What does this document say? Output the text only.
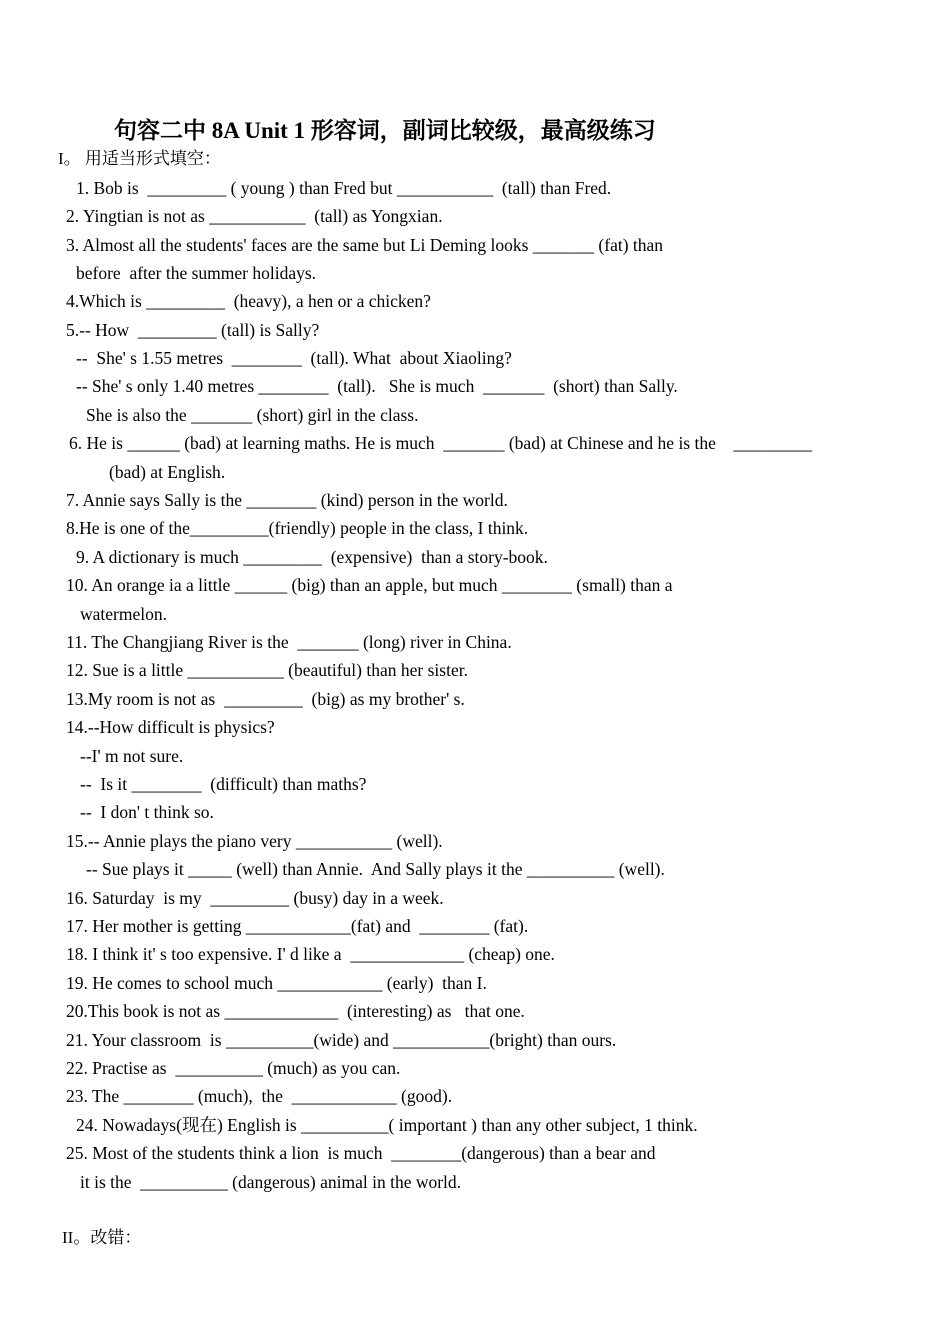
句容二中 8A Unit 1 形容词，副词比较级，最高级练习
I。 用适当形式填空：

1. Bob is  _________ ( young ) than Fred but ___________  (tall) than Fred.

2. Yingtian is not as ___________  (tall) as Yongxian.

3. Almost all the students' faces are the same but Li Deming looks _______ (fat) than

before  after the summer holidays.

4.Which is _________  (heavy), a hen or a chicken?

5.-- How  _________ (tall) is Sally?

--  She' s 1.55 metres  ________  (tall). What  about Xiaoling?

-- She' s only 1.40 metres ________  (tall).   She is much  _______  (short) than Sally.

She is also the _______ (short) girl in the class.

6. He is ______ (bad) at learning maths. He is much  _______ (bad) at Chinese and he is the    _________

(bad) at English.

7. Annie says Sally is the ________ (kind) person in the world.

8.He is one of the_________(friendly) people in the class, I think.

9. A dictionary is much _________  (expensive)  than a story-book.

10. An orange ia a little ______ (big) than an apple, but much ________ (small) than a

watermelon.

11. The Changjiang River is the  _______ (long) river in China.

12. Sue is a little ___________ (beautiful) than her sister.

13.My room is not as  _________  (big) as my brother' s.

14.--How difficult is physics?

--I' m not sure.

--  Is it ________  (difficult) than maths?

--  I don' t think so.

15.-- Annie plays the piano very ___________ (well).

-- Sue plays it _____ (well) than Annie.  And Sally plays it the __________ (well).

16. Saturday  is my  _________ (busy) day in a week.

17. Her mother is getting ____________(fat) and  ________ (fat).

18. I think it' s too expensive. I' d like a  _____________ (cheap) one.

19. He comes to school much ____________ (early)  than I.

20.This book is not as _____________  (interesting) as   that one.

21. Your classroom  is __________(wide) and ___________(bright) than ours.

22. Practise as  __________ (much) as you can.

23. The ________ (much),  the  ____________ (good).

24. Nowadays(现在) English is __________( important ) than any other subject, 1 think.

25. Most of the students think a lion  is much  ________(dangerous) than a bear and

it is the  __________ (dangerous) animal in the world.

II。改错：
